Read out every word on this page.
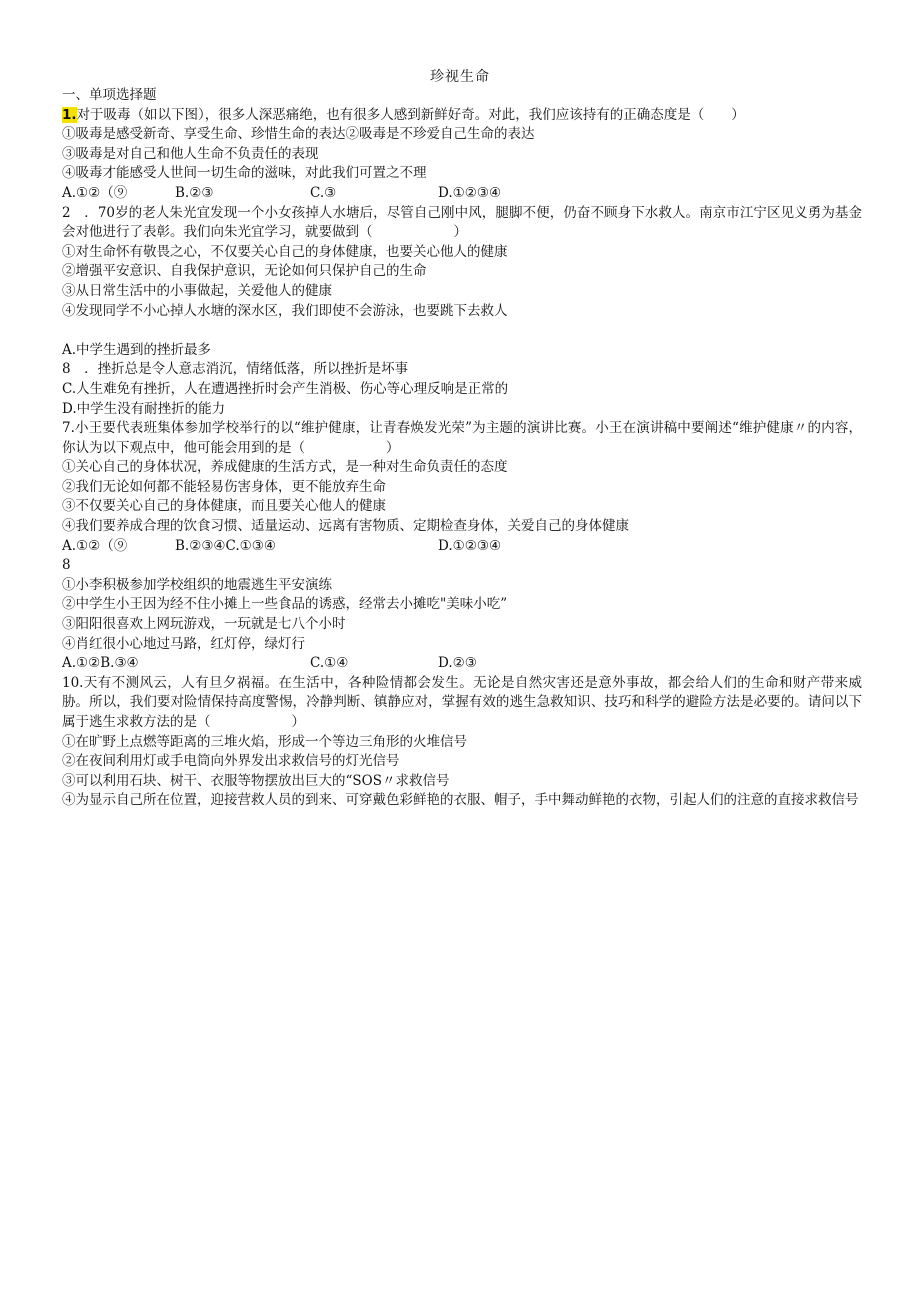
珍视生命
一、单项选择题
1.对于吸毒（如以下图），很多人深恶痛绝，也有很多人感到新鲜好奇。对此，我们应该持有的正确态度是（　　）
①吸毒是感受新奇、享受生命、珍惜生命的表达②吸毒是不珍爱自己生命的表达
③吸毒是对自己和他人生命不负责任的表现
④吸毒才能感受人世间一切生命的滋味，对此我们可置之不理
A.①②（⑨	B.②③	C.③	D.①②③④
2　．70岁的老人朱光宜发现一个小女孩掉人水塘后，尽管自己刚中风，腿脚不便，仍奋不顾身下水救人。南京市江宁区见义勇为基金会对他进行了表彰。我们向朱光宜学习，就要做到（　　　　　　）
①对生命怀有敬畏之心，不仅要关心自己的身体健康，也要关心他人的健康
②增强平安意识、自我保护意识，无论如何只保护自己的生命
③从日常生活中的小事做起，关爱他人的健康
④发现同学不小心掉人水塘的深水区，我们即使不会游泳，也要跳下去救人
A.中学生遇到的挫折最多
8　．挫折总是令人意志消沉，情绪低落，所以挫折是坏事
C.人生难免有挫折，人在遭遇挫折时会产生消极、伤心等心理反响是正常的
D.中学生没有耐挫折的能力
7.小王要代表班集体参加学校举行的以“维护健康，让青春焕发光荣”为主题的演讲比赛。小王在演讲稿中要阐述“维护健康〃的内容，你认为以下观点中，他可能会用到的是（　　　　　　）
①关心自己的身体状况，养成健康的生活方式，是一种对生命负责任的态度
②我们无论如何都不能轻易伤害身体，更不能放弃生命
③不仅要关心自己的身体健康，而且要关心他人的健康
④我们要养成合理的饮食习惯、适量运动、远离有害物质、定期检查身体，关爱自己的身体健康
A.①②（⑨	B.②③④C.①③④	D.①②③④
8
①小李积极参加学校组织的地震逃生平安演练
②中学生小王因为经不住小摊上一些食品的诱惑，经常去小摊吃"美味小吃”
③阳阳很喜欢上网玩游戏，一玩就是七八个小时
④肖红很小心地过马路，红灯停，绿灯行
A.①②B.③④	C.①④	D.②③
10.天有不测风云，人有旦夕祸福。在生活中，各种险情都会发生。无论是自然灾害还是意外事故，都会给人们的生命和财产带来威胁。所以，我们要对险情保持高度警惕，冷静判断、镇静应对，掌握有效的逃生急救知识、技巧和科学的避险方法是必要的。请问以下属于逃生求救方法的是（　　　　　　）
①在旷野上点燃等距离的三堆火焰，形成一个等边三角形的火堆信号
②在夜间利用灯或手电筒向外界发出求救信号的灯光信号
③可以利用石块、树干、衣服等物摆放出巨大的“SOS〃求救信号
④为显示自己所在位置，迎接营救人员的到来、可穿戴色彩鲜艳的衣服、帽子，手中舞动鲜艳的衣物，引起人们的注意的直接求救信号
